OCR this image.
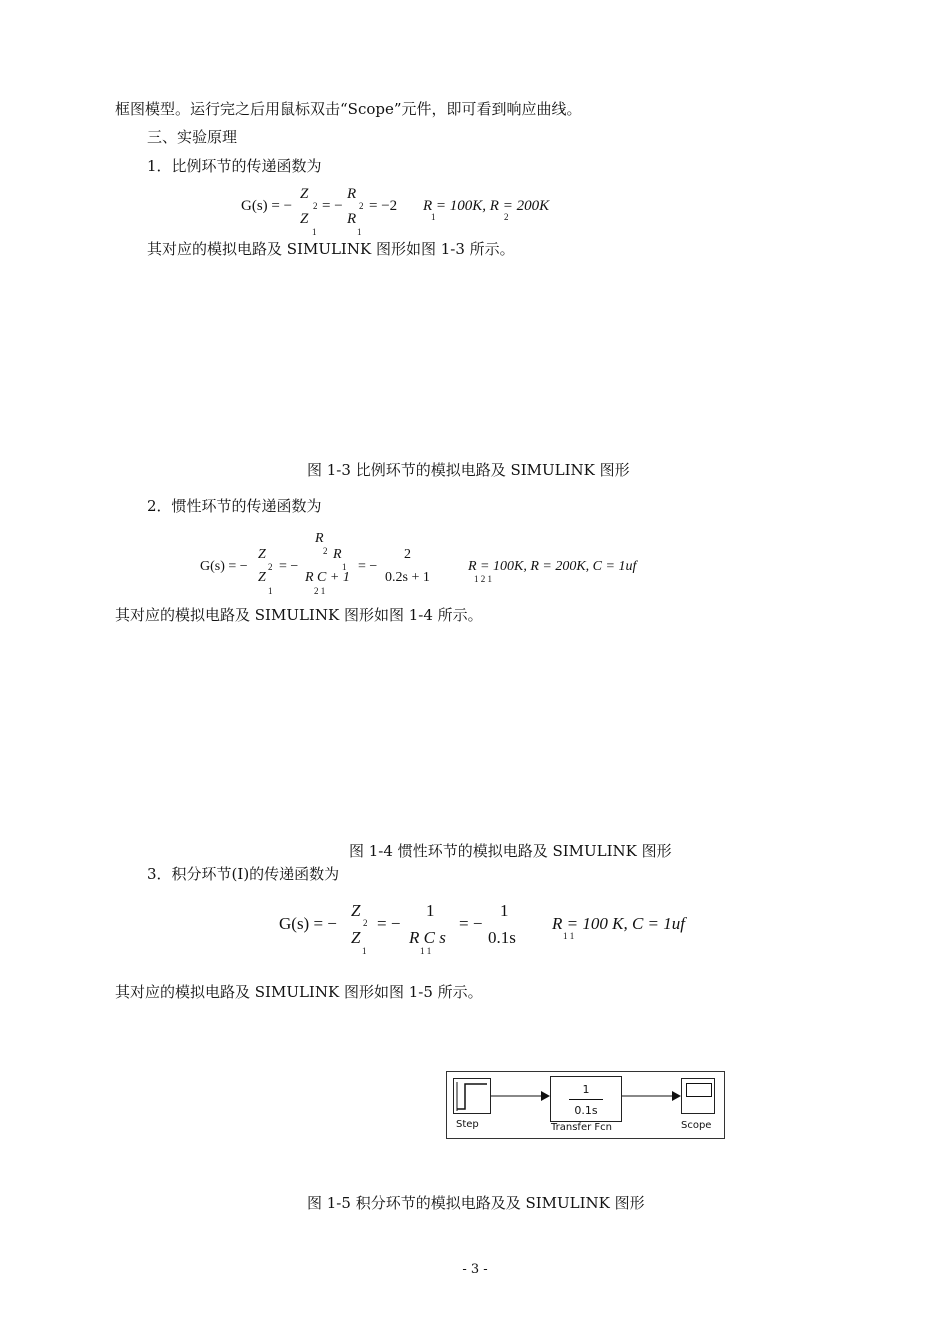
框图模型。运行完之后用鼠标双击“Scope”元件，即可看到响应曲线。
三、实验原理
1．比例环节的传递函数为
G(s) = −
Z
2
Z
1
= −
R
2
R
1
= −2 R = 100K, R = 200K
1	2
其对应的模拟电路及 SIMULINK 图形如图 1-3 所示。
图 1-3 比例环节的模拟电路及 SIMULINK 图形
2．惯性环节的传递函数为
G(s) = −
Z
2
Z
1
= −
R
2 R
1
R C + 1
2 1
= −
2
0.2s + 1
R = 100K, R = 200K, C = 1uf
1 2 1
其对应的模拟电路及 SIMULINK 图形如图 1-4 所示。
图 1-4 惯性环节的模拟电路及 SIMULINK 图形
3．积分环节(I)的传递函数为
G(s) = −
Z
2
Z
1
= −
1
R C s
1 1
= −
1
0.1s
R = 100 K, C = 1uf
1 1
其对应的模拟电路及 SIMULINK 图形如图 1-5 所示。
Step
1
0.1s
Transfer Fcn	Scope
图 1-5 积分环节的模拟电路及及 SIMULINK 图形
- 3 -
